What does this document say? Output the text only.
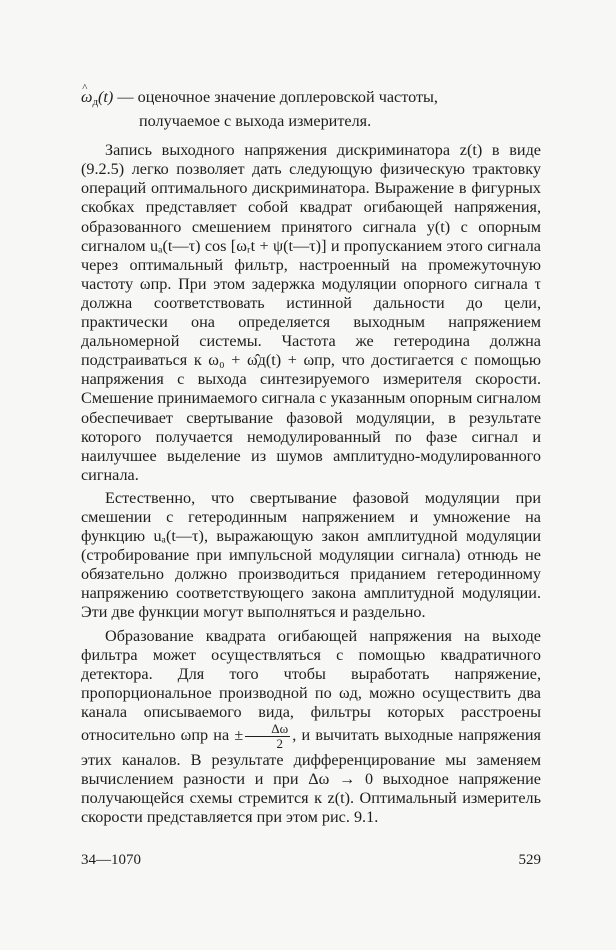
^ $\omega_д(t)$ — оценочное значение доплеровской частоты,
получаемое с выхода измерителя.

Запись выходного напряжения дискриминатора z(t) в виде (9.2.5) легко позволяет дать следующую физическую трактовку операций оптимального дискриминатора. Выражение в фигурных скобках представляет собой квадрат огибающей напряжения, образованного смешением принятого сигнала y(t) с опорным сигналом uₐ(t—τ) cos [ωᵣt + ψ(t—τ)] и пропусканием этого сигнала через оптимальный фильтр, настроенный на промежуточную частоту ωпр. При этом задержка модуляции опорного сигнала τ должна соответствовать истинной дальности до цели, практически она определяется выходным напряжением дальномерной системы. Частота же гетеродина должна подстраиваться к ω₀ + ω̂д(t) + ωпр, что достигается с помощью напряжения с выхода синтезируемого измерителя скорости. Смешение принимаемого сигнала с указанным опорным сигналом обеспечивает свертывание фазовой модуляции, в результате которого получается немодулированный по фазе сигнал и наилучшее выделение из шумов амплитудно-модулированного сигнала.

Естественно, что свертывание фазовой модуляции при смешении с гетеродинным напряжением и умножение на функцию uₐ(t—τ), выражающую закон амплитудной модуляции (стробирование при импульсной модуляции сигнала) отнюдь не обязательно должно производиться приданием гетеродинному напряжению соответствующего закона амплитудной модуляции. Эти две функции могут выполняться и раздельно.

Образование квадрата огибающей напряжения на выходе фильтра может осуществляться с помощью квадратичного детектора. Для того чтобы выработать напряжение, пропорциональное производной по ωд, можно осуществить два канала описываемого вида, фильтры которых расстроены относительно ωпр на ± $\frac{\Delta\omega}{2}$ , и вычитать выходные напряжения этих каналов. В результате дифференцирование мы заменяем вычислением разности и при Δω → 0 выходное напряжение получающейся схемы стремится к z(t). Оптимальный измеритель скорости представляется при этом рис. 9.1.

34—1070	529
